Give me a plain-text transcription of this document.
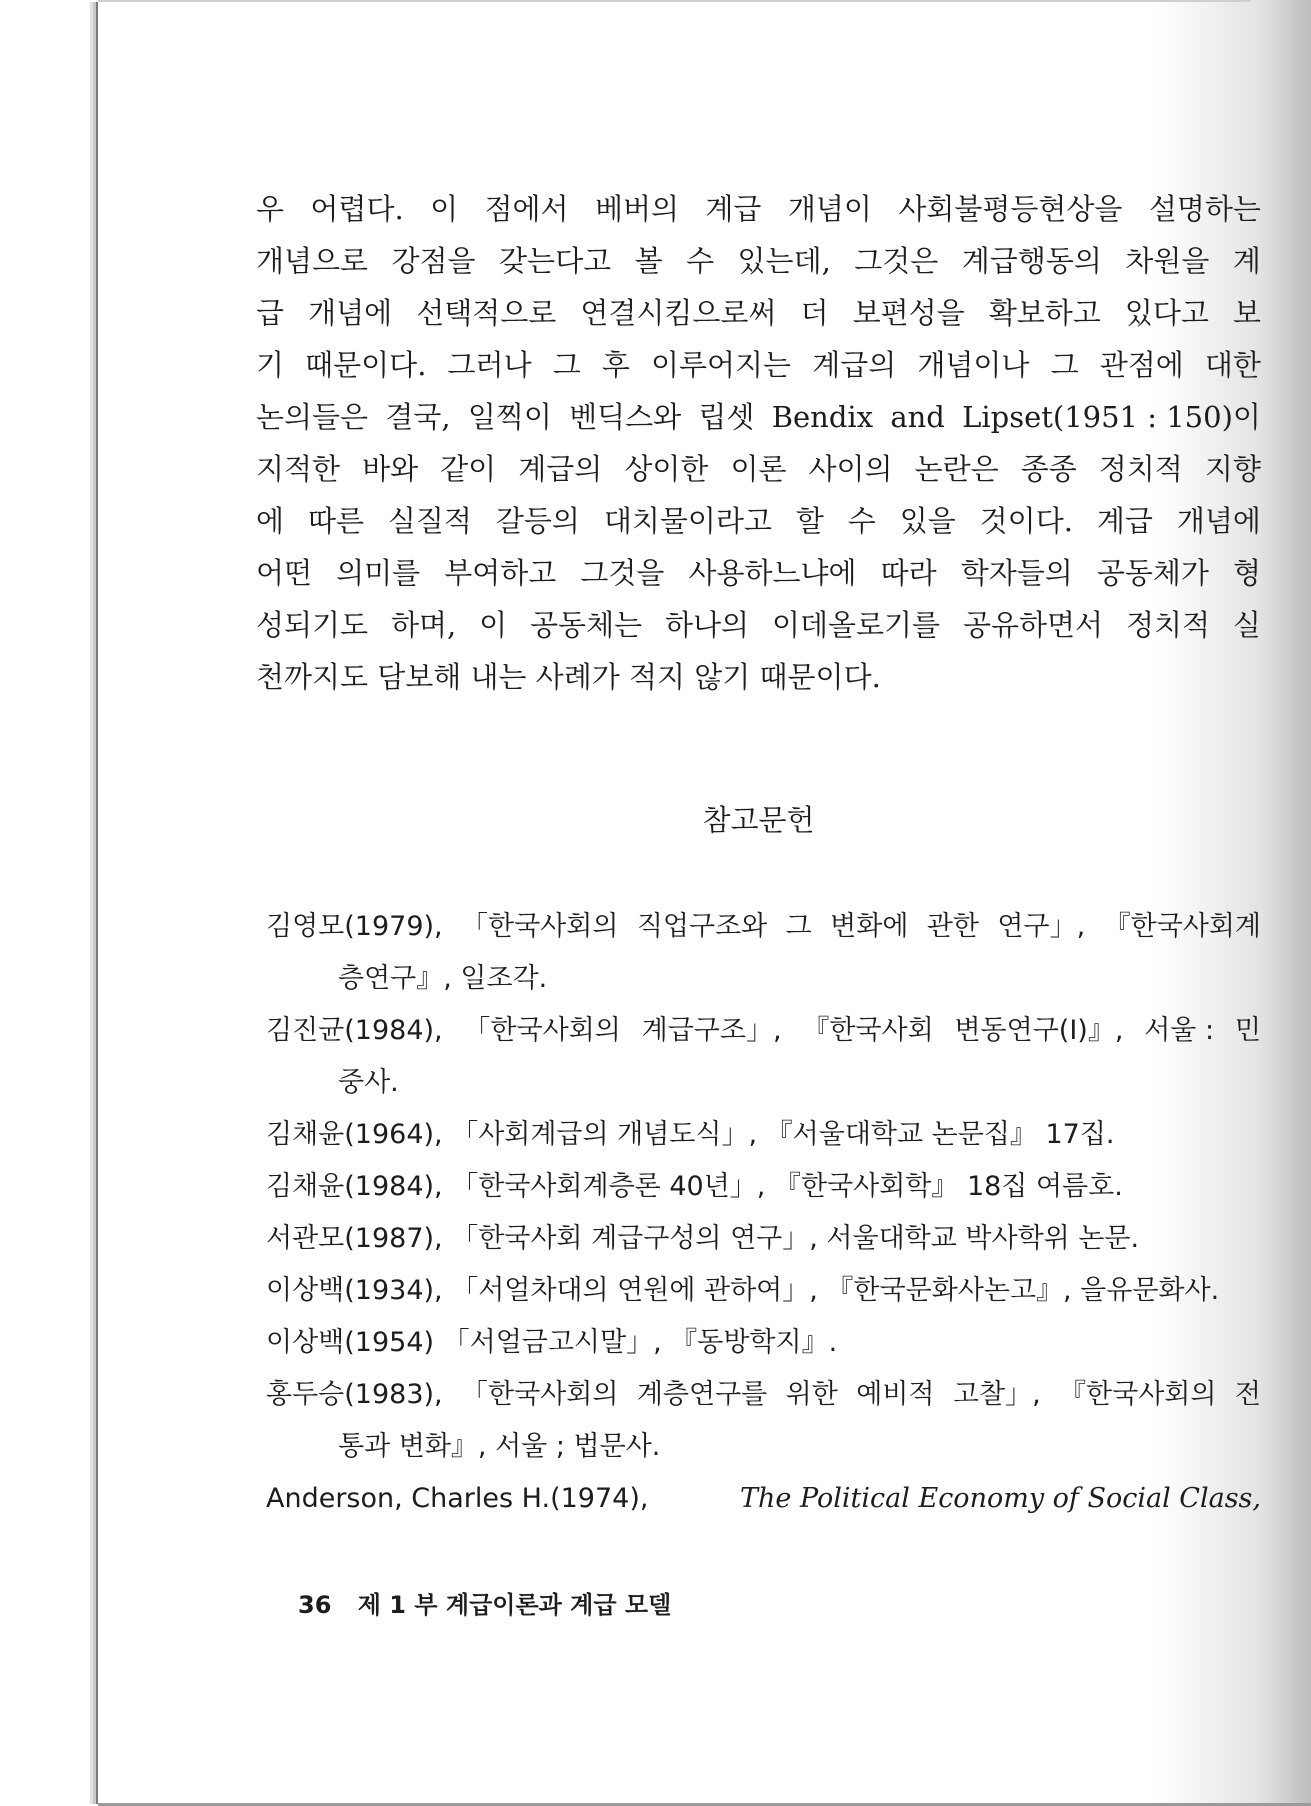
우 어렵다. 이 점에서 베버의 계급 개념이 사회불평등현상을 설명하는
개념으로 강점을 갖는다고 볼 수 있는데, 그것은 계급행동의 차원을 계
급 개념에 선택적으로 연결시킴으로써 더 보편성을 확보하고 있다고 보
기 때문이다. 그러나 그 후 이루어지는 계급의 개념이나 그 관점에 대한
논의들은 결국, 일찍이 벤딕스와 립셋 Bendix and Lipset(1951 : 150)이
지적한 바와 같이 계급의 상이한 이론 사이의 논란은 종종 정치적 지향
에 따른 실질적 갈등의 대치물이라고 할 수 있을 것이다. 계급 개념에
어떤 의미를 부여하고 그것을 사용하느냐에 따라 학자들의 공동체가 형
성되기도 하며, 이 공동체는 하나의 이데올로기를 공유하면서 정치적 실
천까지도 담보해 내는 사례가 적지 않기 때문이다.
참고문헌
김영모(1979), 「한국사회의 직업구조와 그 변화에 관한 연구」, 『한국사회계
층연구』, 일조각.
김진균(1984), 「한국사회의 계급구조」, 『한국사회 변동연구(Ⅰ)』, 서울 : 민
중사.
김채윤(1964), 「사회계급의 개념도식」, 『서울대학교 논문집』 17집.
김채윤(1984), 「한국사회계층론 40년」, 『한국사회학』 18집 여름호.
서관모(1987), 「한국사회 계급구성의 연구」, 서울대학교 박사학위 논문.
이상백(1934), 「서얼차대의 연원에 관하여」, 『한국문화사논고』, 을유문화사.
이상백(1954) 「서얼금고시말」, 『동방학지』.
홍두승(1983), 「한국사회의 계층연구를 위한 예비적 고찰」, 『한국사회의 전
통과 변화』, 서울 ; 법문사.
Anderson, Charles H.(1974),	The Political Economy of Social Class,
36 제 1 부 계급이론과 계급 모델
